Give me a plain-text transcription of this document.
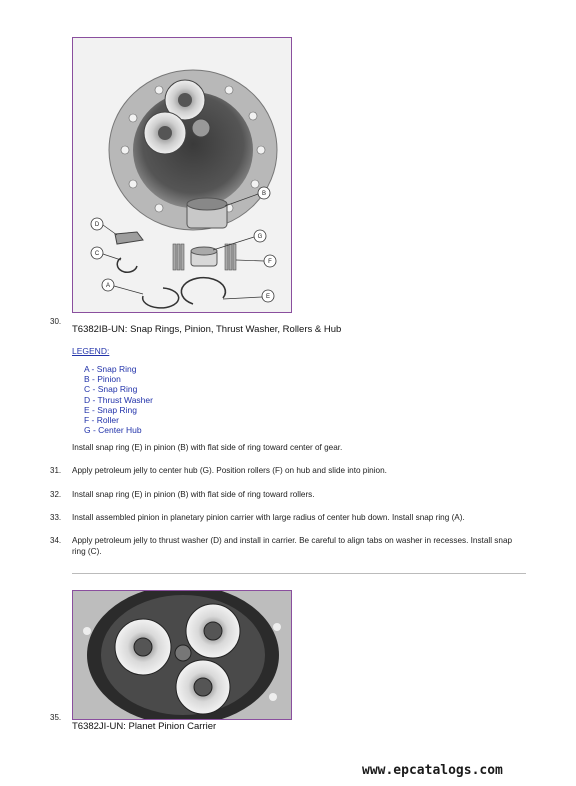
B
G
D
C
F
A
E
30.
T6382IB-UN: Snap Rings, Pinion, Thrust Washer, Rollers & Hub
LEGEND:
A - Snap Ring
B - Pinion
C - Snap Ring
D - Thrust Washer
E - Snap Ring
F - Roller
G - Center Hub
Install snap ring (E) in pinion (B) with flat side of ring toward center of gear.
31. Apply petroleum jelly to center hub (G). Position rollers (F) on hub and slide into pinion.
32. Install snap ring (E) in pinion (B) with flat side of ring toward rollers.
33. Install assembled pinion in planetary pinion carrier with large radius of center hub down. Install snap ring (A).
34. Apply petroleum jelly to thrust washer (D) and install in carrier. Be careful to align tabs on washer in recesses. Install snap ring (C).
35.
T6382JI-UN: Planet Pinion Carrier
www.epcatalogs.com
